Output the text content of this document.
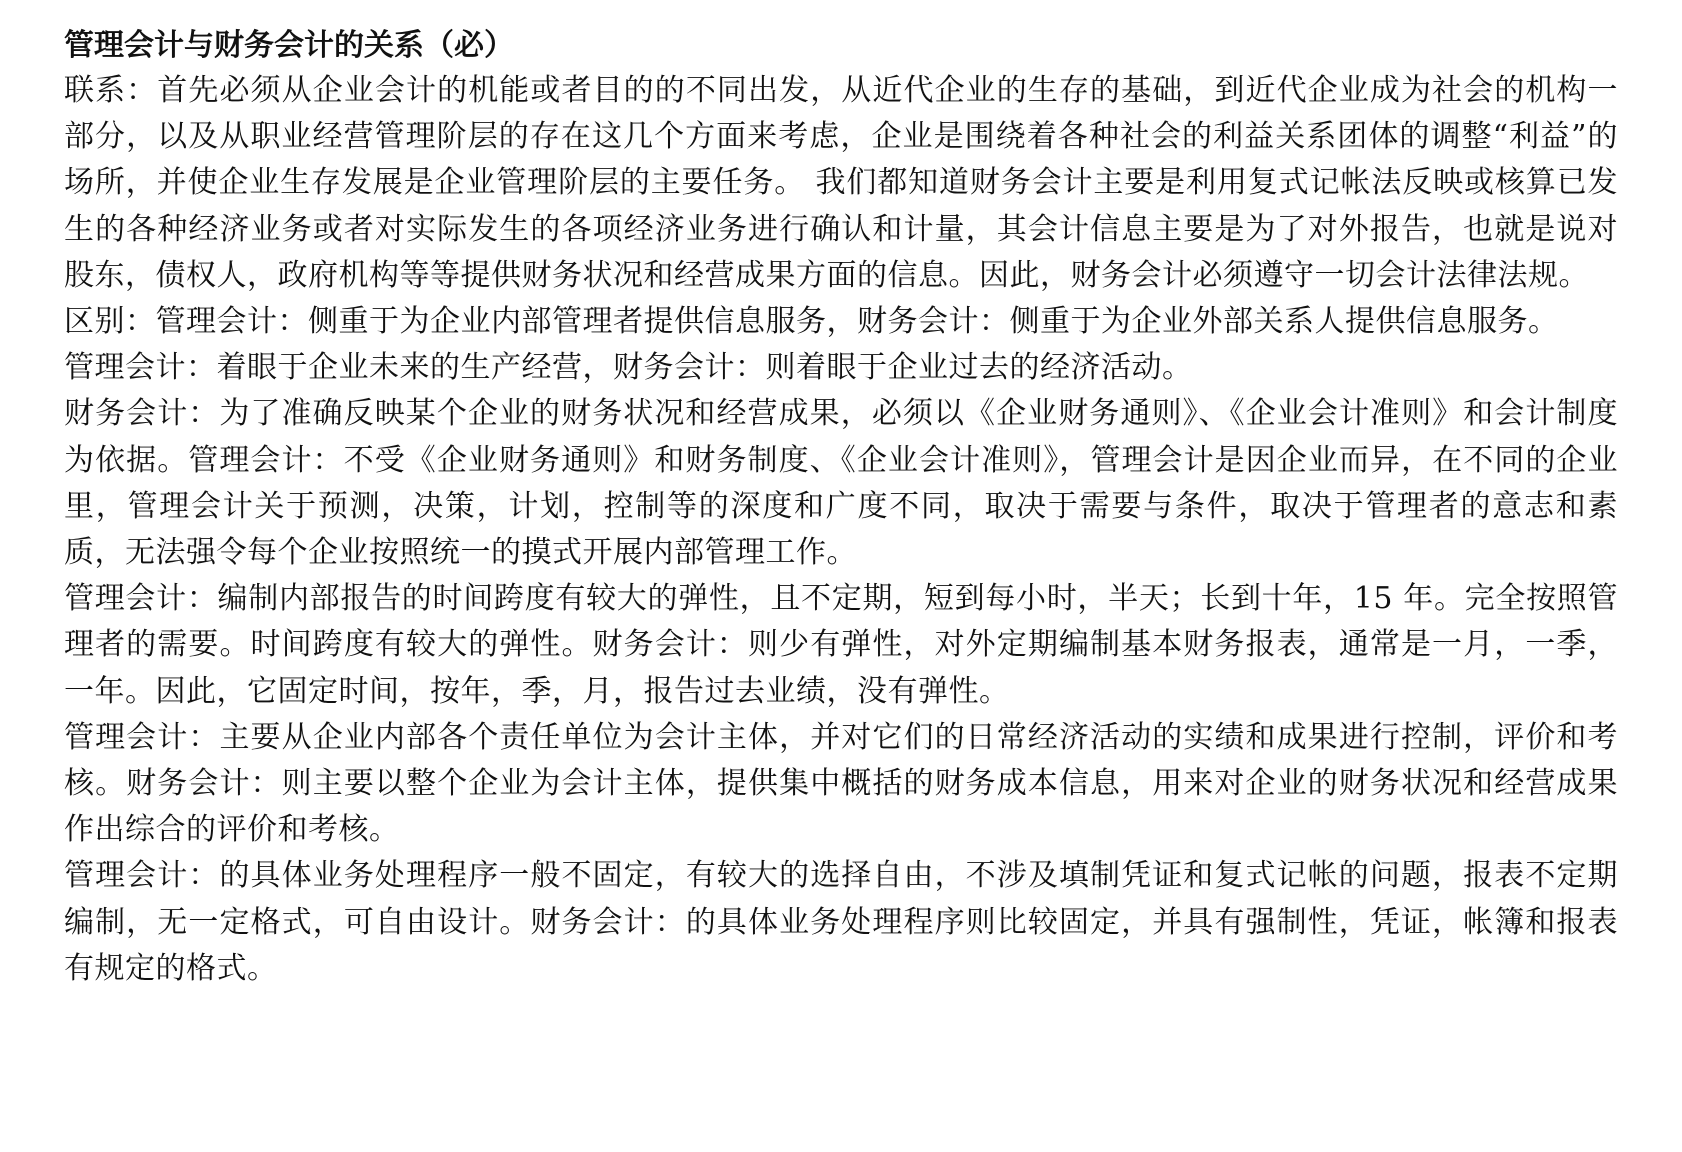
管理会计与财务会计的关系（必）

联系：首先必须从企业会计的机能或者目的的不同出发，从近代企业的生存的基础，到近代企业成为社会的机构一部分，以及从职业经营管理阶层的存在这几个方面来考虑，企业是围绕着各种社会的利益关系团体的调整“利益”的场所，并使企业生存发展是企业管理阶层的主要任务。 我们都知道财务会计主要是利用复式记帐法反映或核算已发生的各种经济业务或者对实际发生的各项经济业务进行确认和计量，其会计信息主要是为了对外报告，也就是说对股东，债权人，政府机构等等提供财务状况和经营成果方面的信息。因此，财务会计必须遵守一切会计法律法规。

区别：管理会计：侧重于为企业内部管理者提供信息服务，财务会计：侧重于为企业外部关系人提供信息服务。

管理会计：着眼于企业未来的生产经营，财务会计：则着眼于企业过去的经济活动。

财务会计：为了准确反映某个企业的财务状况和经营成果，必须以《企业财务通则》、《企业会计准则》和会计制度为依据。管理会计：不受《企业财务通则》和财务制度、《企业会计准则》，管理会计是因企业而异，在不同的企业里，管理会计关于预测，决策，计划，控制等的深度和广度不同，取决于需要与条件，取决于管理者的意志和素质，无法强令每个企业按照统一的摸式开展内部管理工作。

管理会计：编制内部报告的时间跨度有较大的弹性，且不定期，短到每小时，半天；长到十年，15 年。完全按照管理者的需要。时间跨度有较大的弹性。财务会计：则少有弹性，对外定期编制基本财务报表，通常是一月，一季，一年。因此，它固定时间，按年，季，月，报告过去业绩，没有弹性。

管理会计：主要从企业内部各个责任单位为会计主体，并对它们的日常经济活动的实绩和成果进行控制，评价和考核。财务会计：则主要以整个企业为会计主体，提供集中概括的财务成本信息，用来对企业的财务状况和经营成果作出综合的评价和考核。

管理会计：的具体业务处理程序一般不固定，有较大的选择自由，不涉及填制凭证和复式记帐的问题，报表不定期编制，无一定格式，可自由设计。财务会计：的具体业务处理程序则比较固定，并具有强制性，凭证，帐簿和报表有规定的格式。
